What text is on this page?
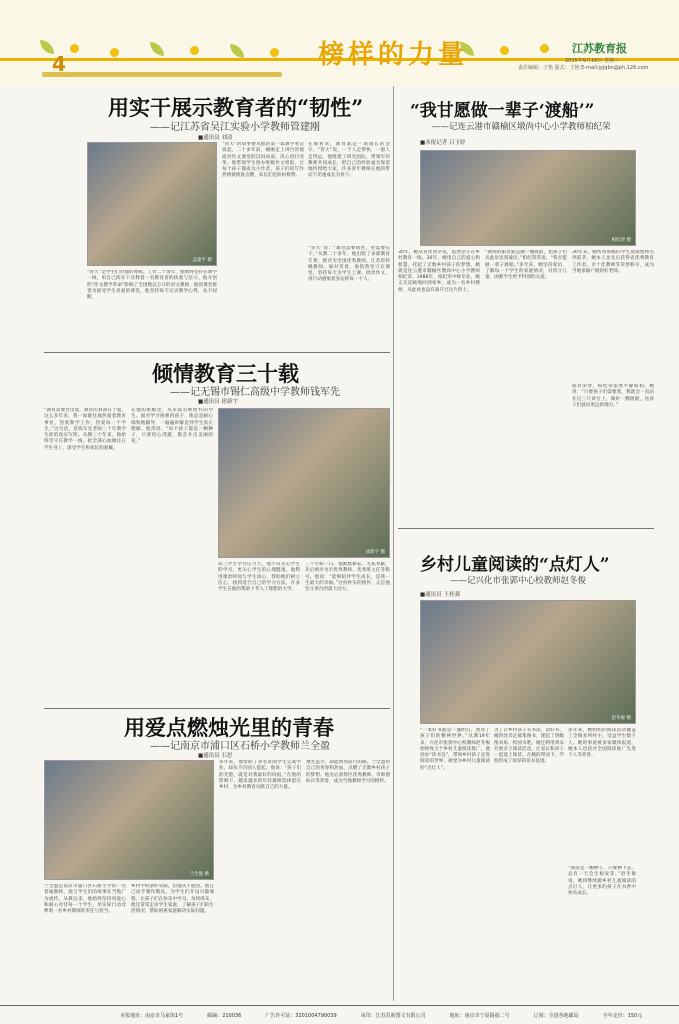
4	榜样的力量	江苏教育报
2015年9月16日 星期三
责任编辑：王艳 版式：王艳 E-mail:jyjqbn@ph.126.com
用实干展示教育者的“韧性”
——记江苏省吴江实验小学教师管建刚
■通讯员 刘清
孟建平 摄
“管大”是学生们对他的尊称。工作二十余年，他始终坚持在教学一线，用自己的实干诠释着一名教育者的执着与坚守。他开创的“作文教学革命”影响了全国数以万计的语文教师，他的课堂被誉为最受学生喜爱的课堂，他坚持每天记录教学心得，从不间断。
“管大”的故事要从他的第一篇教学笔记说起。二十多年前，刚刚走上讲台的他面对作文课堂的沉闷局面，决心进行改革。他带领学生创办班级作文周报，让每个孩子都成为小作者，孩子们的写作热情被彻底点燃，家长们也纷纷称赞。
在他看来，教育就是一场漫长的坚守。“管大”说，一个人走得快，一群人走得远。他组建了研究团队，带领年轻教师共同成长，把自己的经验毫无保留地传授给大家，许多青年教师在他的带动下迅速成长为骨干。
“管大”说：“教育需要韧性，更需要实干。”从教二十多年，他出版了多部教育专著，被评为全国优秀教师、江苏省特级教师。面对荣誉，他依然坚守在课堂，坚持每天为学生上课、批改作文，用行动感染着身边的每一个人。
倾情教育三十载
——记无锡市锡仁高级中学教师钱军先
■通讯员 徐新宇
“教育需要付出爱，教育的真谛在于爱。这么多年来，我一如既往地热爱着教育事业，热爱教学工作，热爱每一个学生。”这句话，是钱军先老师三十年教学生涯的真实写照。从教三十年来，他始终坚守在教学一线，把全部心血倾注在学生身上，深受学生和家长的爱戴。
在他的班级里，从来没有被放弃的学生。面对学习困难的孩子，他总是耐心细致地辅导，一遍遍讲解直到学生真正理解。他常说：“每个孩子都是一颗种子，只要用心浇灌，都会开出美丽的花。”
徐新宇 摄
高三学生学习压力大，他不仅关心学生的学习，更关心学生的心理健康。他利用课余时间与学生谈心，帮助他们树立信心，找到适合自己的学习方法，许多学生在他的帮助下考入了理想的大学。
三十年如一日，他默默耕耘、无私奉献，先后被评为市优秀教师、优秀班主任等称号。他说：“能够陪伴学生成长，是我一生最大的幸福。”这份朴实的情怀，正是他坚守讲台的最大动力。
用爱点燃烛光里的青春
——记南京市浦口区石桥小学教师兰全盈
■通讯员 石思
兰全盈 摄
兰全盈是南京市浦口区石桥小学的一名普通教师，他与学生们的故事在当地广为流传。从教以来，他始终坚持用爱心和耐心对待每一个学生，用实际行动诠释着一名乡村教师的责任与担当。
乡村学校条件有限，但他从不抱怨。他自己动手制作教具，为学生们开设兴趣课程，让孩子们在快乐中学习。每到周末，他还常常走访学生家庭，了解孩子们的生活情况，帮助困难家庭解决实际问题。
多年来，他资助了多名贫困学生完成学业，却从不向别人提起。他说：“孩子们的笑脸，就是对我最好的回报。”在他的影响下，越来越多的年轻教师选择留在乡村，为乡村教育贡献自己的力量。
烛光虽小，却能照亮前行的路。兰全盈用自己的青春和热血，点燃了无数乡村孩子的梦想。他先后获得区优秀教师、市师德标兵等荣誉，成为当地教师学习的榜样。
“我甘愿做一辈子‘渡船’”
——记连云港市赣榆区墩尚中心小学教师柏纪荣
■本报记者 吕玉婷
柏纪荣 摄
30年，她从青丝到华发，依然坚守在乡村教育一线。30年，她用自己的爱心和智慧，托起了无数乡村孩子的梦想。她就是连云港市赣榆区墩尚中心小学教师柏纪荣。1986年，柏纪荣中师毕业，她义无反顾地回到家乡，成为一名乡村教师，从此再也没有离开过这片热土。
“教师的职责就是做一艘渡船，把孩子们从此岸送到彼岸。”柏纪荣常说，“我甘愿做一辈子渡船。”多年来，她坚持家访，了解每一个学生的家庭情况，对留守儿童、困难学生给予特别的关爱。
30年来，她所带班级的学生成绩始终名列前茅，她本人也先后获得省优秀教育工作者、市十佳教师等荣誉称号，成为当地家喻户晓的好老师。
面对荣誉，柏纪荣依然平静如初。她说：“只要孩子们需要我，我就会一直站在这三尺讲台上，做好一艘渡船，送孩子们驶向更远的地方。”
乡村儿童阅读的“点灯人”
——记兴化市张郭中心校教师赵冬俊
■通讯员 王桂强
赵冬俊 摄
“一本好书就是一盏明灯，照亮了孩子们的精神世界。”从教19年来，兴化市张郭中心校教师赵冬俊始终致力于乡村儿童阅读推广，他创办“读书会”，带领乡村孩子走进阅读的世界，被誉为乡村儿童阅读的“点灯人”。
为了让乡村孩子有书读、读好书，她四处奔走募集图书，建起了班级图书角、校园书吧。她还利用周末开展亲子阅读活动，让家长和孩子一起爱上阅读。在她的带动下，学校形成了浓厚的读书氛围。
多年来，她组织的阅读活动覆盖了全镇多所村小，受益学生数千人。她的事迹被多家媒体报道，她本人也获评全国阅读推广先进个人等荣誉。
“阅读是一颗种子，只要种下去，总有一天会生根发芽。”赵冬俊说，她将继续做乡村儿童阅读的点灯人，让更多的孩子在书香中快乐成长。
本报地址：南京市马家街1号	邮编：210036	广告许可证：3201004790039	承印：江苏苏新图文有限公司	地址：南京市宁夏路福二号	订阅：全国各地邮局	全年定价：150元
